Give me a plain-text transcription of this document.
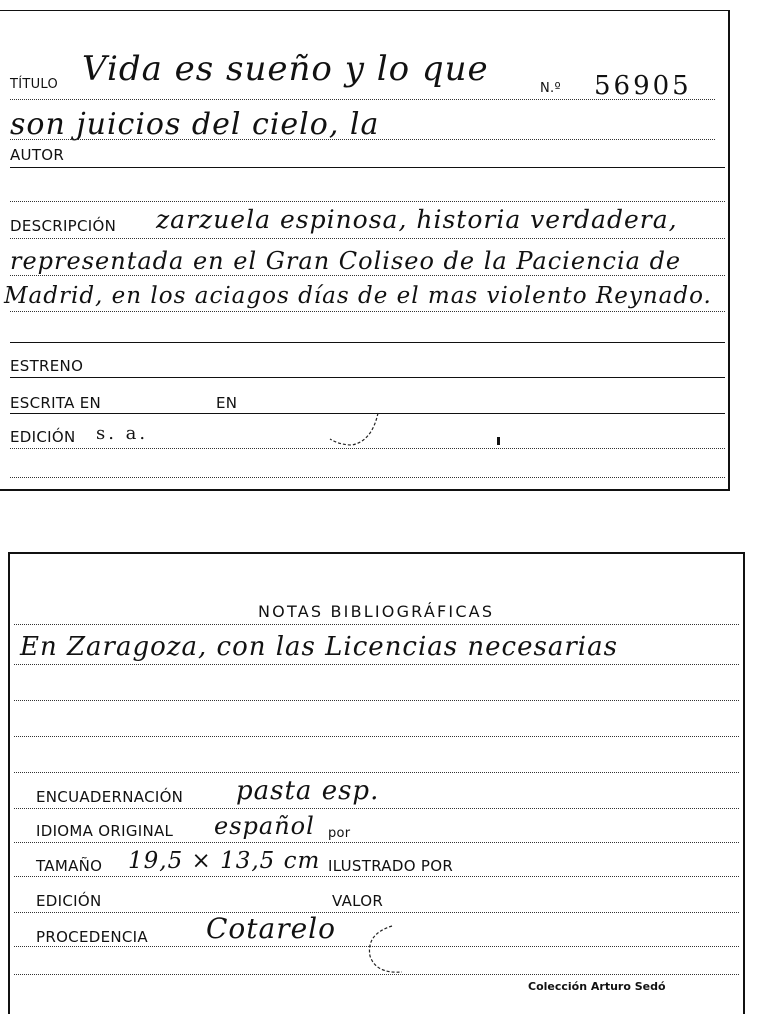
TÍTULO Vida es sueño y lo que	N.º 56905
son juicios del cielo, la
AUTOR
DESCRIPCIÓN zarzuela espinosa, historia verdadera,
representada en el Gran Coliseo de la Paciencia de
Madrid, en los aciagos días de el mas violento Reynado.
ESTRENO
ESCRITA EN	EN
EDICIÓN s. a.
NOTAS BIBLIOGRÁFICAS
En Zaragoza, con las Licencias necesarias
ENCUADERNACIÓN pasta esp.
IDIOMA ORIGINAL español por
TAMAÑO 19,5 × 13,5 cm ILUSTRADO POR
EDICIÓN	VALOR
PROCEDENCIA Cotarelo
Colección Arturo Sedó
